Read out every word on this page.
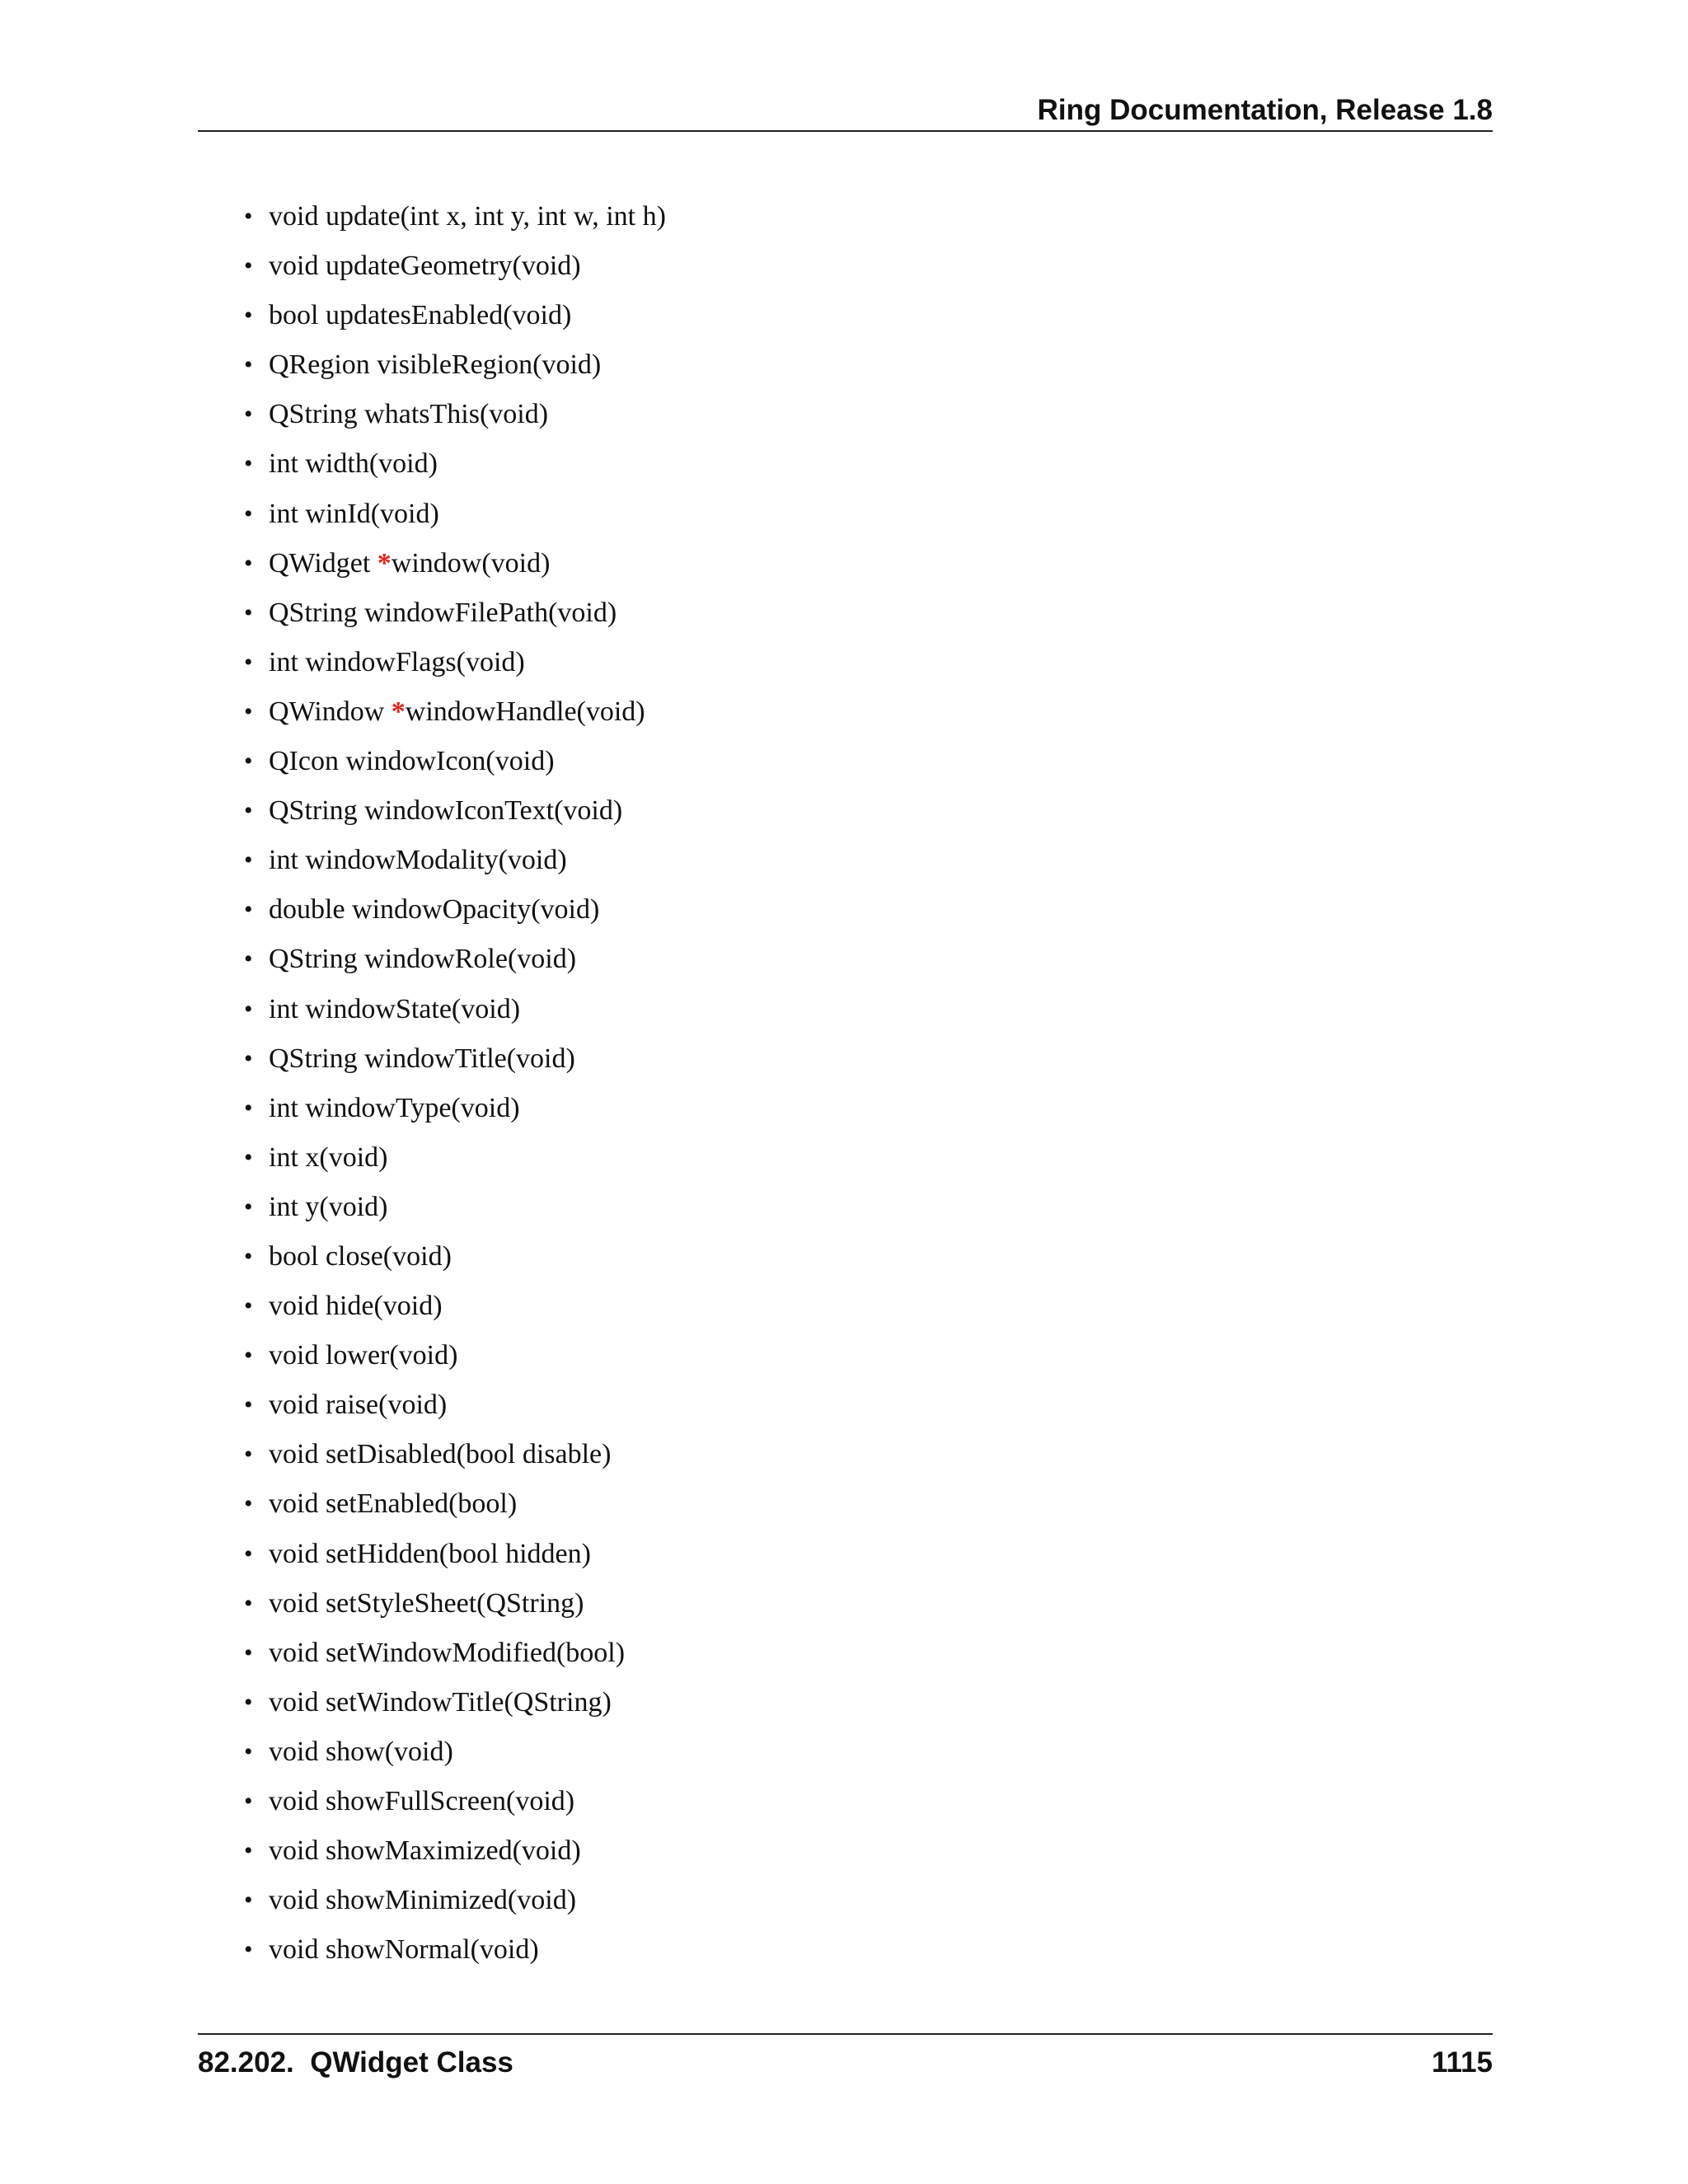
Ring Documentation, Release 1.8
• void update(int x, int y, int w, int h)
• void updateGeometry(void)
• bool updatesEnabled(void)
• QRegion visibleRegion(void)
• QString whatsThis(void)
• int width(void)
• int winId(void)
• QWidget *window(void)
• QString windowFilePath(void)
• int windowFlags(void)
• QWindow *windowHandle(void)
• QIcon windowIcon(void)
• QString windowIconText(void)
• int windowModality(void)
• double windowOpacity(void)
• QString windowRole(void)
• int windowState(void)
• QString windowTitle(void)
• int windowType(void)
• int x(void)
• int y(void)
• bool close(void)
• void hide(void)
• void lower(void)
• void raise(void)
• void setDisabled(bool disable)
• void setEnabled(bool)
• void setHidden(bool hidden)
• void setStyleSheet(QString)
• void setWindowModified(bool)
• void setWindowTitle(QString)
• void show(void)
• void showFullScreen(void)
• void showMaximized(void)
• void showMinimized(void)
• void showNormal(void)
82.202.  QWidget Class	1115
